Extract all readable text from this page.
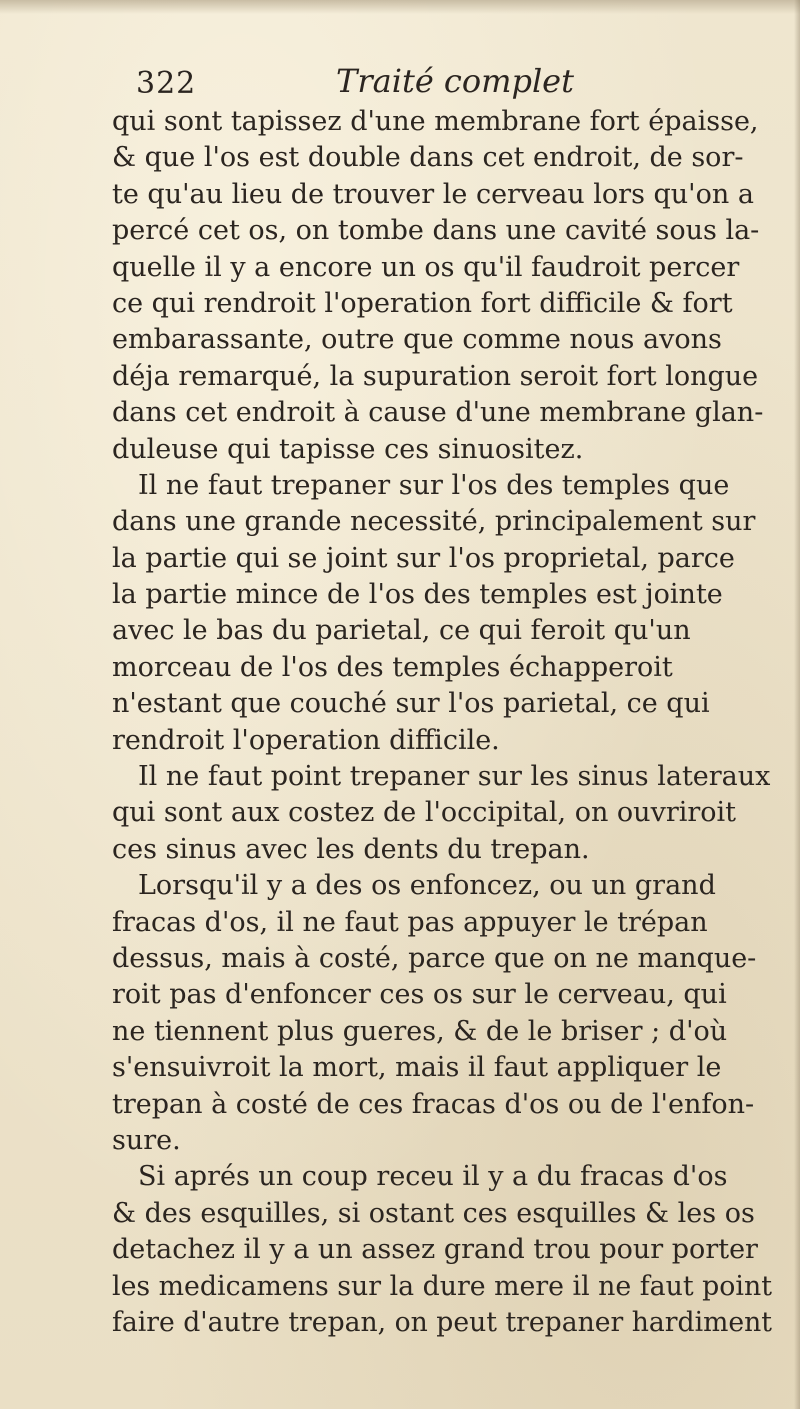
322	Traité complet
qui sont tapissez d'une membrane fort épaisse,
& que l'os est double dans cet endroit, de sor-
te qu'au lieu de trouver le cerveau lors qu'on a
percé cet os, on tombe dans une cavité sous la-
quelle il y a encore un os qu'il faudroit percer
ce qui rendroit l'operation fort difficile & fort
embarassante, outre que comme nous avons
déja remarqué, la supuration seroit fort longue
dans cet endroit à cause d'une membrane glan-
duleuse qui tapisse ces sinuositez.
Il ne faut trepaner sur l'os des temples que
dans une grande necessité, principalement sur
la partie qui se joint sur l'os proprietal, parce
la partie mince de l'os des temples est jointe
avec le bas du parietal, ce qui feroit qu'un
morceau de l'os des temples échapperoit
n'estant que couché sur l'os parietal, ce qui
rendroit l'operation difficile.
Il ne faut point trepaner sur les sinus lateraux
qui sont aux costez de l'occipital, on ouvriroit
ces sinus avec les dents du trepan.
Lorsqu'il y a des os enfoncez, ou un grand
fracas d'os, il ne faut pas appuyer le trépan
dessus, mais à costé, parce que on ne manque-
roit pas d'enfoncer ces os sur le cerveau, qui
ne tiennent plus gueres, & de le briser ; d'où
s'ensuivroit la mort, mais il faut appliquer le
trepan à costé de ces fracas d'os ou de l'enfon-
sure.
Si aprés un coup receu il y a du fracas d'os
& des esquilles, si ostant ces esquilles & les os
detachez il y a un assez grand trou pour porter
les medicamens sur la dure mere il ne faut point
faire d'autre trepan, on peut trepaner hardiment
